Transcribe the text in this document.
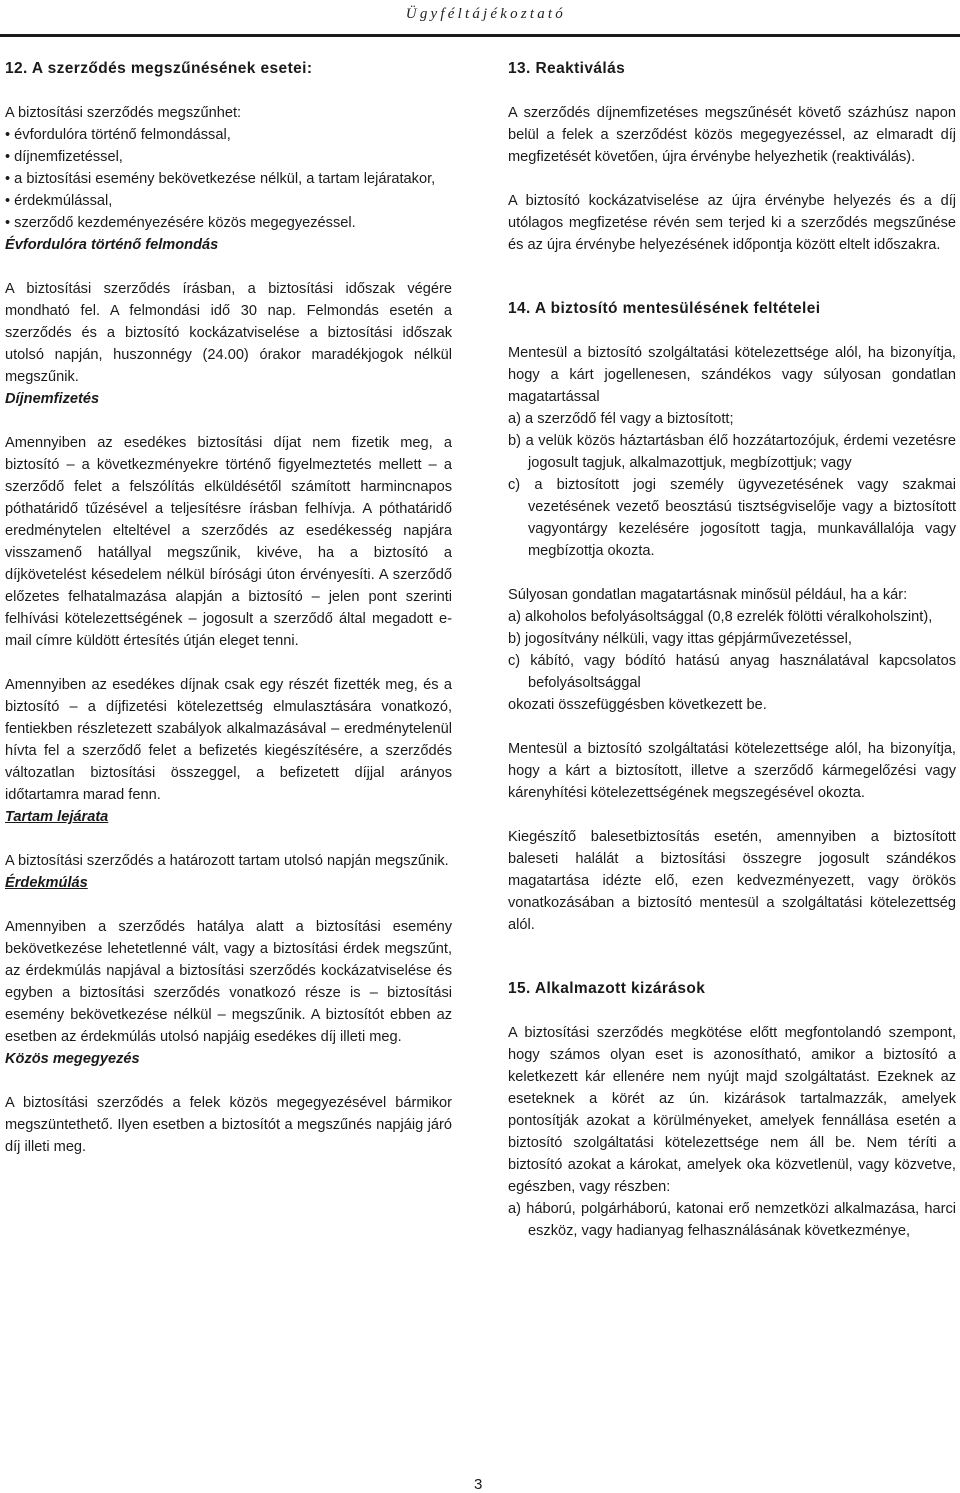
Ügyféltájékoztató
12. A szerződés megszűnésének esetei:

A biztosítási szerződés megszűnhet:

• évfordulóra történő felmondással,
• díjnemfizetéssel,
• a biztosítási esemény bekövetkezése nélkül, a tartam lejáratakor,
• érdekmúlással,
• szerződő kezdeményezésére közös megegyezéssel.
Évfordulóra történő felmondás

A biztosítási szerződés írásban, a biztosítási időszak végére mondható fel. A felmondási idő 30 nap. Felmondás esetén a szerződés és a biztosító kockázatviselése a biztosítási időszak utolsó napján, huszonnégy (24.00) órakor maradékjogok nélkül megszűnik.

Díjnemfizetés

Amennyiben az esedékes biztosítási díjat nem fizetik meg, a biztosító – a következményekre történő figyelmeztetés mellett – a szerződő felet a felszólítás elküldésétől számított harmincnapos póthatáridő tűzésével a teljesítésre írásban felhívja. A póthatáridő eredménytelen elteltével a szerződés az esedékesség napjára visszamenő hatállyal megszűnik, kivéve, ha a biztosító a díjkövetelést késedelem nélkül bírósági úton érvényesíti. A szerződő előzetes felhatalmazása alapján a biztosító – jelen pont szerinti felhívási kötelezettségének – jogosult a szerződő által megadott e-mail címre küldött értesítés útján eleget tenni.

Amennyiben az esedékes díjnak csak egy részét fizették meg, és a biztosító – a díjfizetési kötelezettség elmulasztására vonatkozó, fentiekben részletezett szabályok alkalmazásával – eredménytelenül hívta fel a szerződő felet a befizetés kiegészítésére, a szerződés változatlan biztosítási összeggel, a befizetett díjjal arányos időtartamra marad fenn.

Tartam lejárata

A biztosítási szerződés a határozott tartam utolsó napján megszűnik.

Érdekmúlás

Amennyiben a szerződés hatálya alatt a biztosítási esemény bekövetkezése lehetetlenné vált, vagy a biztosítási érdek megszűnt, az érdekmúlás napjával a biztosítási szerződés kockázatviselése és egyben a biztosítási szerződés vonatkozó része is – biztosítási esemény bekövetkezése nélkül – megszűnik. A biztosítót ebben az esetben az érdekmúlás utolsó napjáig esedékes díj illeti meg.

Közös megegyezés

A biztosítási szerződés a felek közös megegyezésével bármikor megszüntethető. Ilyen esetben a biztosítót a megszűnés napjáig járó díj illeti meg.

13. Reaktiválás

A szerződés díjnemfizetéses megszűnését követő százhúsz napon belül a felek a szerződést közös megegyezéssel, az elmaradt díj megfizetését követően, újra érvénybe helyezhetik (reaktiválás).

A biztosító kockázatviselése az újra érvénybe helyezés és a díj utólagos megfizetése révén sem terjed ki a szerződés megszűnése és az újra érvénybe helyezésének időpontja között eltelt időszakra.

14. A biztosító mentesülésének feltételei

Mentesül a biztosító szolgáltatási kötelezettsége alól, ha bizonyítja, hogy a kárt jogellenesen, szándékos vagy súlyosan gondatlan magatartással

a) a szerződő fél vagy a biztosított;
b) a velük közös háztartásban élő hozzátartozójuk, érdemi vezetésre jogosult tagjuk, alkalmazottjuk, megbízottjuk; vagy
c) a biztosított jogi személy ügyvezetésének vagy szakmai vezetésének vezető beosztású tisztségviselője vagy a biztosított vagyontárgy kezelésére jogosított tagja, munkavállalója vagy megbízottja okozta.

Súlyosan gondatlan magatartásnak minősül például, ha a kár:

a) alkoholos befolyásoltsággal (0,8 ezrelék fölötti véralkoholszint),
b) jogosítvány nélküli, vagy ittas gépjárművezetéssel,
c) kábító, vagy bódító hatású anyag használatával kapcsolatos befolyásoltsággal

okozati összefüggésben következett be.

Mentesül a biztosító szolgáltatási kötelezettsége alól, ha bizonyítja, hogy a kárt a biztosított, illetve a szerződő kármegelőzési vagy kárenyhítési kötelezettségének megszegésével okozta.

Kiegészítő balesetbiztosítás esetén, amennyiben a biztosított baleseti halálát a biztosítási összegre jogosult szándékos magatartása idézte elő, ezen kedvezményezett, vagy örökös vonatkozásában a biztosító mentesül a szolgáltatási kötelezettség alól.

15. Alkalmazott kizárások

A biztosítási szerződés megkötése előtt megfontolandó szempont, hogy számos olyan eset is azonosítható, amikor a biztosító a keletkezett kár ellenére nem nyújt majd szolgáltatást. Ezeknek az eseteknek a körét az ún. kizárások tartalmazzák, amelyek pontosítják azokat a körülményeket, amelyek fennállása esetén a biztosító szolgáltatási kötelezettsége nem áll be. Nem téríti a biztosító azokat a károkat, amelyek oka közvetlenül, vagy közvetve, egészben, vagy részben:

a) háború, polgárháború, katonai erő nemzetközi alkalmazása, harci eszköz, vagy hadianyag felhasználásának következménye,
3
